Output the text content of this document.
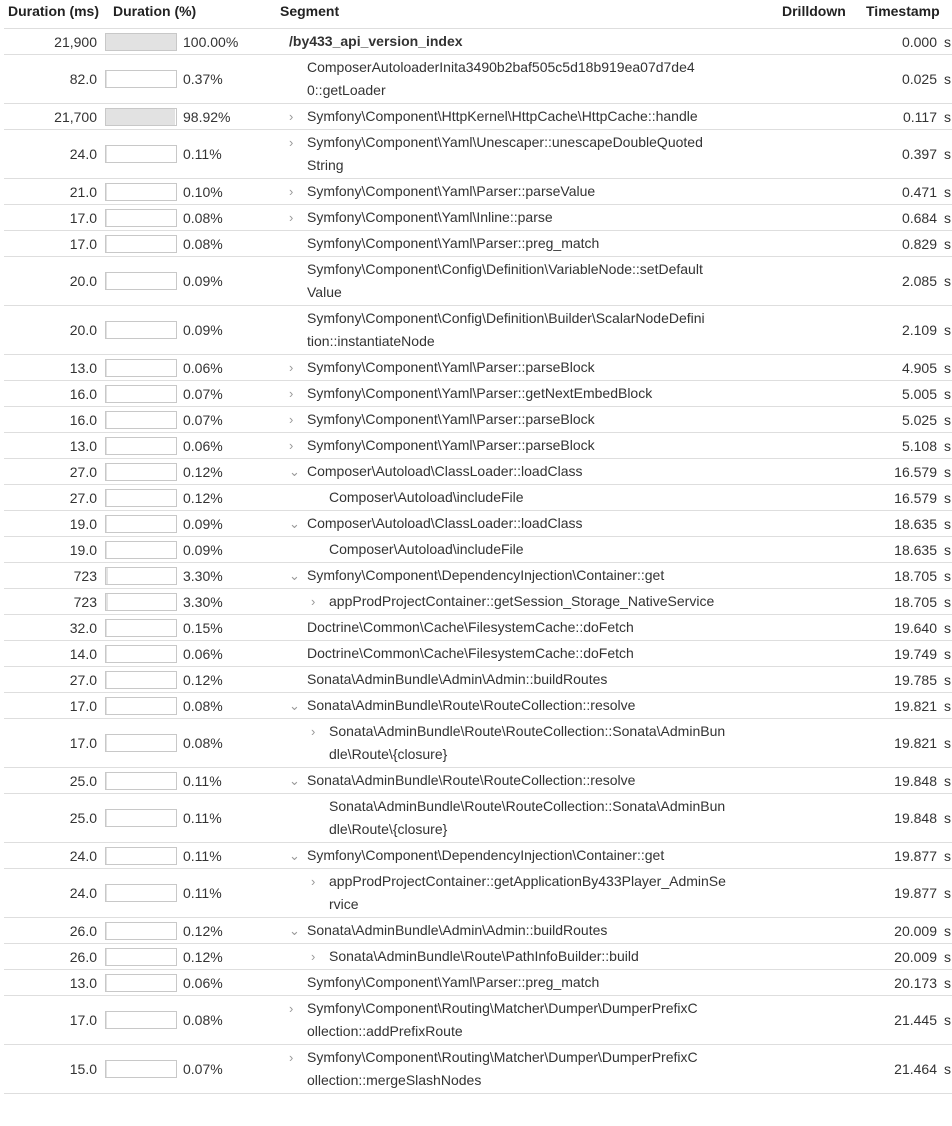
Duration (ms) Duration (%)	Segment	Drilldown Timestamp
21,900		100.00%	/by433_api_version_index		0.000 s
82.0		0.37%	ComposerAutoloaderInita3490b2baf505c5d18b919ea07d7de40::getLoader		0.025 s
21,700		98.92%	› Symfony\Component\HttpKernel\HttpCache\HttpCache::handle		0.117 s
24.0		0.11%	› Symfony\Component\Yaml\Unescaper::unescapeDoubleQuotedString		0.397 s
21.0		0.10%	› Symfony\Component\Yaml\Parser::parseValue		0.471 s
17.0		0.08%	› Symfony\Component\Yaml\Inline::parse		0.684 s
17.0		0.08%	Symfony\Component\Yaml\Parser::preg_match		0.829 s
20.0		0.09%	Symfony\Component\Config\Definition\VariableNode::setDefaultValue		2.085 s
20.0		0.09%	Symfony\Component\Config\Definition\Builder\ScalarNodeDefinition::instantiateNode		2.109 s
13.0		0.06%	› Symfony\Component\Yaml\Parser::parseBlock		4.905 s
16.0		0.07%	› Symfony\Component\Yaml\Parser::getNextEmbedBlock		5.005 s
16.0		0.07%	› Symfony\Component\Yaml\Parser::parseBlock		5.025 s
13.0		0.06%	› Symfony\Component\Yaml\Parser::parseBlock		5.108 s
27.0		0.12%	⌄ Composer\Autoload\ClassLoader::loadClass		16.579 s
27.0		0.12%	Composer\Autoload\includeFile		16.579 s
19.0		0.09%	⌄ Composer\Autoload\ClassLoader::loadClass		18.635 s
19.0		0.09%	Composer\Autoload\includeFile		18.635 s
723		3.30%	⌄ Symfony\Component\DependencyInjection\Container::get		18.705 s
723		3.30%	› appProdProjectContainer::getSession_Storage_NativeService		18.705 s
32.0		0.15%	Doctrine\Common\Cache\FilesystemCache::doFetch		19.640 s
14.0		0.06%	Doctrine\Common\Cache\FilesystemCache::doFetch		19.749 s
27.0		0.12%	Sonata\AdminBundle\Admin\Admin::buildRoutes		19.785 s
17.0		0.08%	⌄ Sonata\AdminBundle\Route\RouteCollection::resolve		19.821 s
17.0		0.08%	› Sonata\AdminBundle\Route\RouteCollection::Sonata\AdminBundle\Route\{closure}		19.821 s
25.0		0.11%	⌄ Sonata\AdminBundle\Route\RouteCollection::resolve		19.848 s
25.0		0.11%	Sonata\AdminBundle\Route\RouteCollection::Sonata\AdminBundle\Route\{closure}		19.848 s
24.0		0.11%	⌄ Symfony\Component\DependencyInjection\Container::get		19.877 s
24.0		0.11%	› appProdProjectContainer::getApplicationBy433Player_AdminService		19.877 s
26.0		0.12%	⌄ Sonata\AdminBundle\Admin\Admin::buildRoutes		20.009 s
26.0		0.12%	› Sonata\AdminBundle\Route\PathInfoBuilder::build		20.009 s
13.0		0.06%	Symfony\Component\Yaml\Parser::preg_match		20.173 s
17.0		0.08%	› Symfony\Component\Routing\Matcher\Dumper\DumperPrefixCollection::addPrefixRoute		21.445 s
15.0		0.07%	› Symfony\Component\Routing\Matcher\Dumper\DumperPrefixCollection::mergeSlashNodes		21.464 s
